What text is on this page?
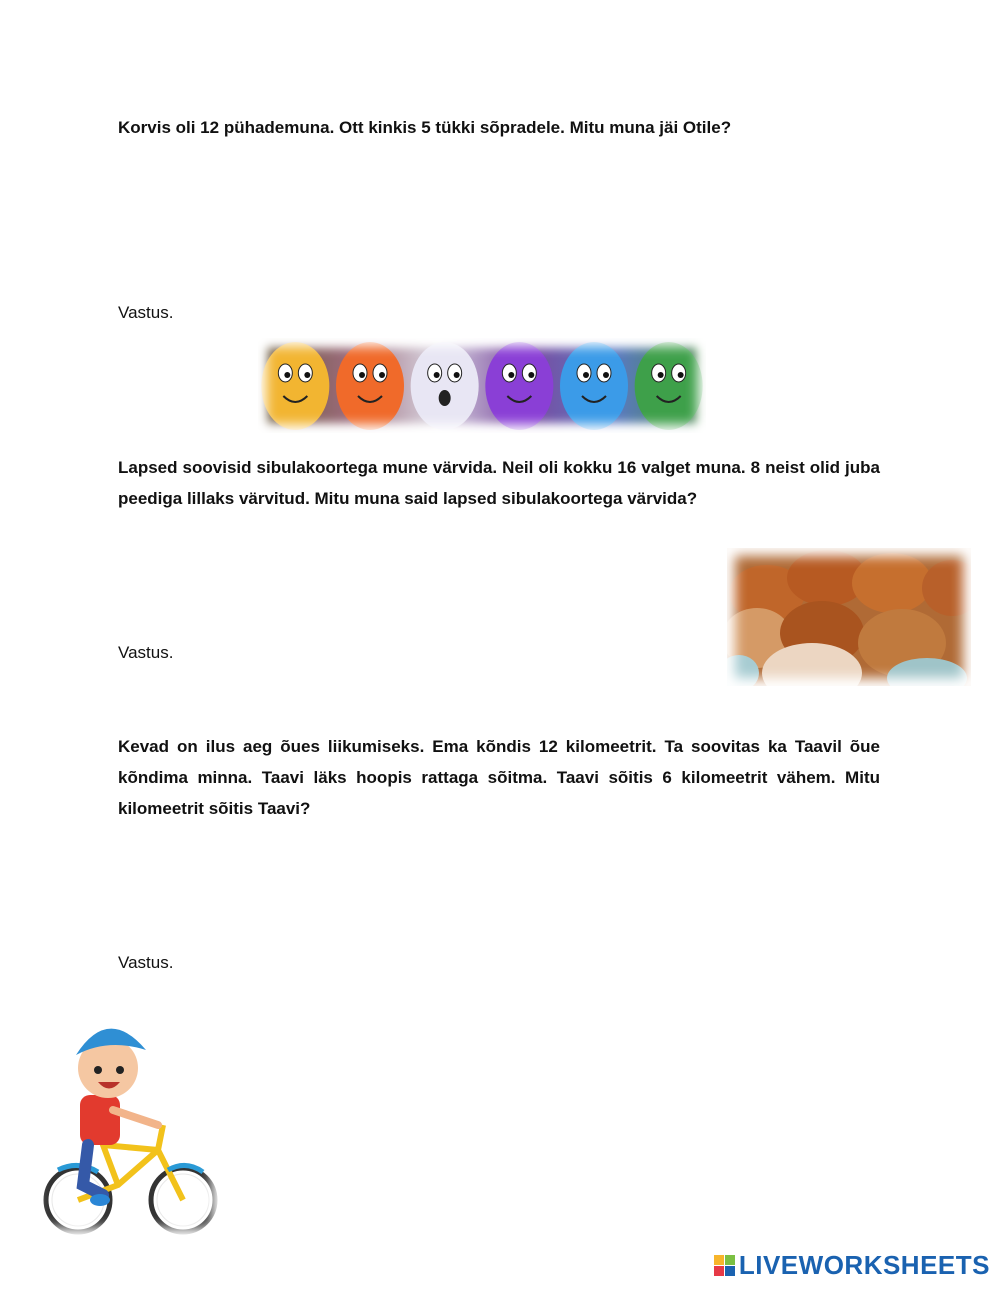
Korvis oli 12 pühademuna. Ott kinkis 5 tükki sõpradele. Mitu muna jäi Otile?
Vastus.
Lapsed soovisid sibulakoortega mune värvida. Neil oli kokku 16 valget muna. 8 neist olid juba peediga lillaks värvitud. Mitu muna said lapsed sibulakoortega värvida?
Vastus.
Kevad on ilus aeg õues liikumiseks. Ema kõndis 12 kilomeetrit. Ta soovitas ka Taavil õue kõndima minna. Taavi läks hoopis rattaga sõitma. Taavi sõitis 6 kilomeetrit vähem. Mitu kilomeetrit sõitis Taavi?
Vastus.
LIVEWORKSHEETS
